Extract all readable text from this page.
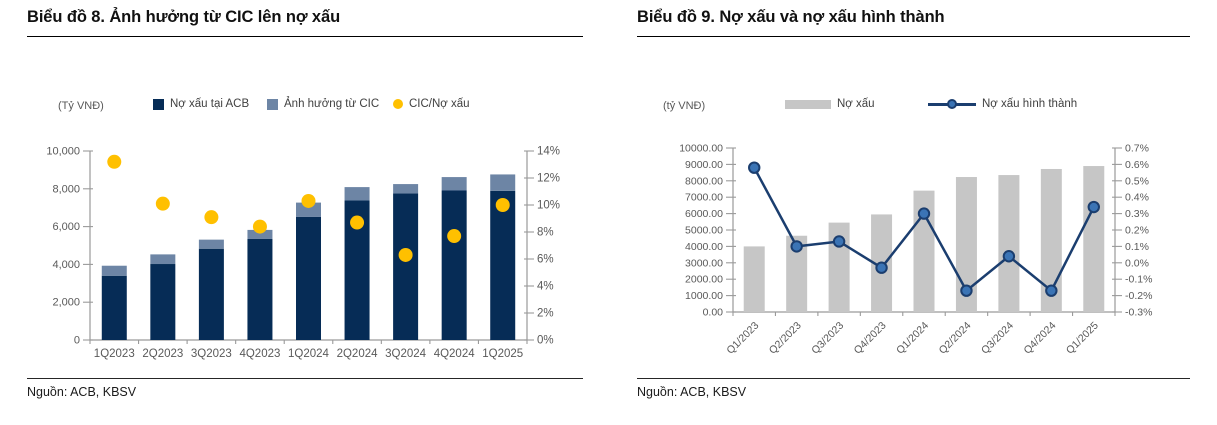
Biểu đồ 8. Ảnh hưởng từ CIC lên nợ xấu
(Tỷ VNĐ)	Nợ xấu tại ACB	Ảnh hưởng từ CIC	CIC/Nợ xấu
0
2,000
4,000
6,000
8,000
10,000
0%
2%
4%
6%
8%
10%
12%
14%
1Q2023 2Q2023 3Q2023 4Q2023 1Q2024 2Q2024 3Q2024 4Q2024 1Q2025
Nguồn: ACB, KBSV
Biểu đồ 9. Nợ xấu và nợ xấu hình thành
(tỷ VNĐ)	Nợ xấu	Nợ xấu hình thành
0.00
1000.00
2000.00
3000.00
4000.00
5000.00
6000.00
7000.00
8000.00
9000.00
10000.00
-0.3%
-0.2%
-0.1%
0.0%
0.1%
0.2%
0.3%
0.4%
0.5%
0.6%
0.7%
Q1/2023 Q2/2023 Q3/2023 Q4/2023 Q1/2024 Q2/2024 Q3/2024 Q4/2024 Q1/2025
Nguồn: ACB, KBSV
